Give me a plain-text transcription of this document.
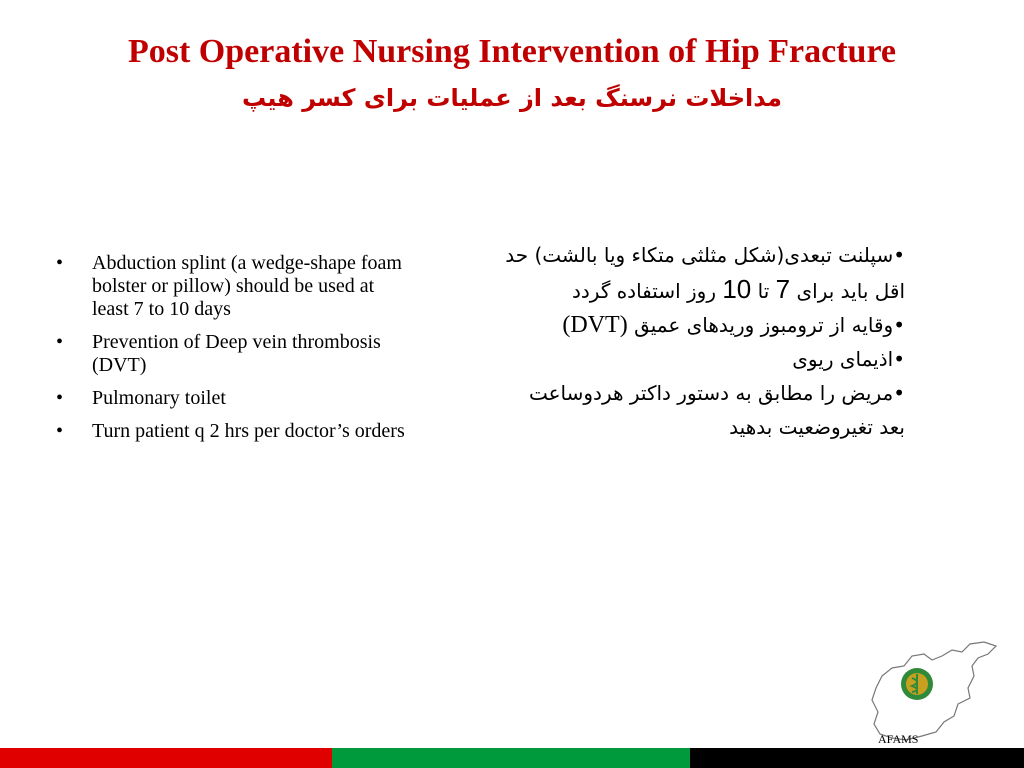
Post Operative Nursing Intervention of Hip Fracture
مداخلات نرسنگ بعد از عملیات برای کسر هیپ
• Abduction splint (a wedge-shape foam bolster or pillow) should be used at least 7 to 10 days
• Prevention of Deep vein thrombosis (DVT)
• Pulmonary toilet
• Turn patient q 2 hrs per doctor’s orders

•سپلنت تبعدی(شکل مثلثی متکاء ویا بالشت) حد اقل باید برای 7 تا 10 روز استفاده گردد

•وقایه از ترومبوز وریدهای عمیق (DVT)

•اذیمای ریوی

•مریض را مطابق به دستور داکتر هردوساعت بعد تغیروضعیت بدهید

AFAMS
